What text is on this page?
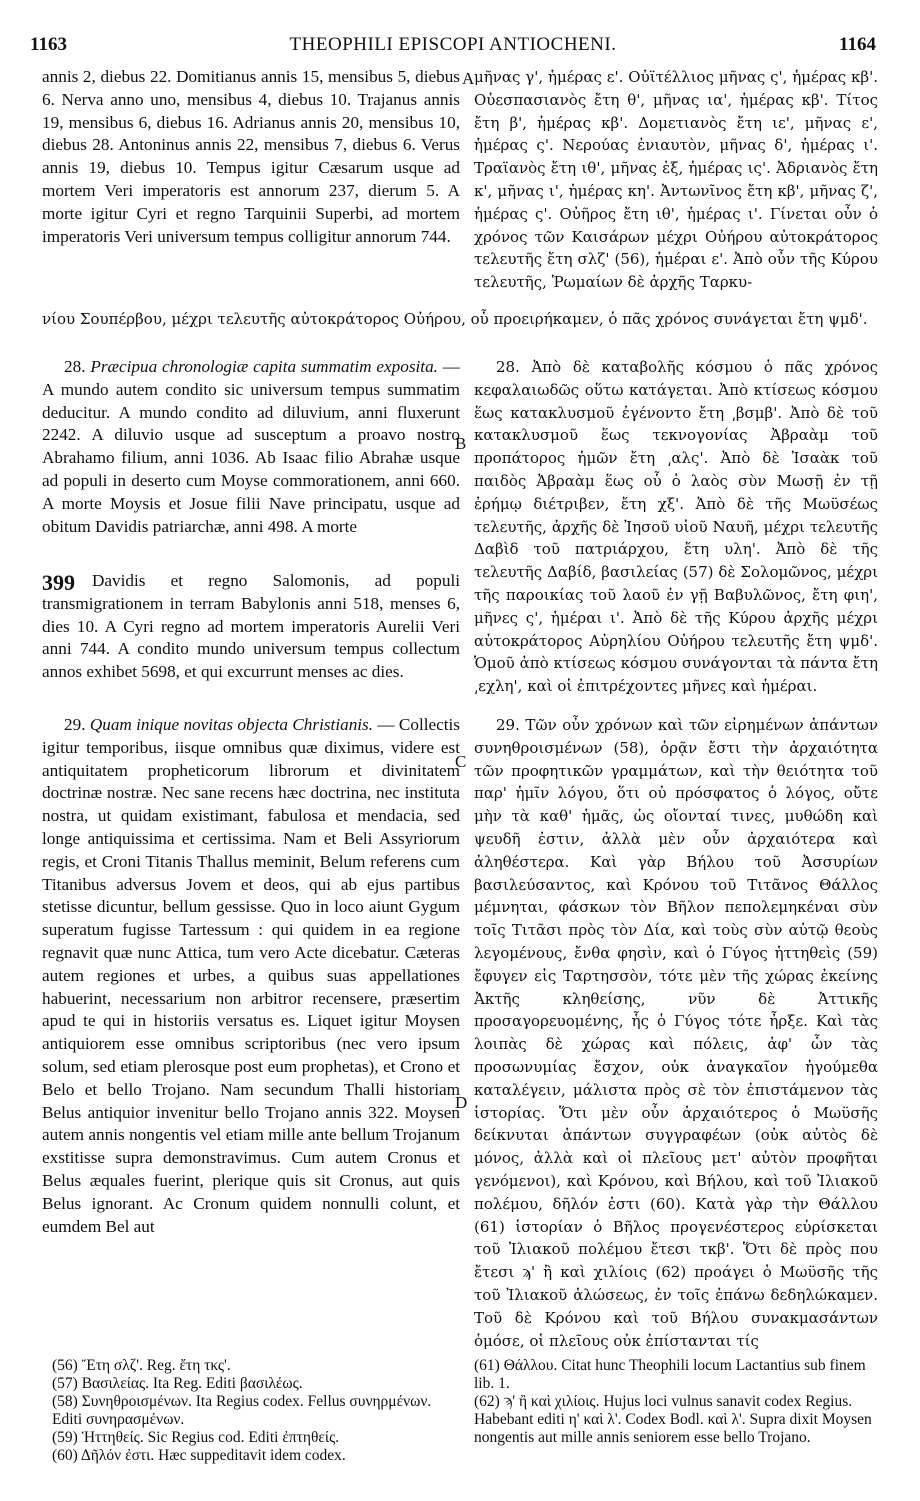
1163	THEOPHILI EPISCOPI ANTIOCHENI.	1164
A
B
C
D
399

annis 2, diebus 22. Domitianus annis 15, mensibus 5, diebus 6. Nerva anno uno, mensibus 4, diebus 10. Trajanus annis 19, mensibus 6, diebus 16. Adrianus annis 20, mensibus 10, diebus 28. Antoninus annis 22, mensibus 7, diebus 6. Verus annis 19, diebus 10. Tempus igitur Cæsarum usque ad mortem Veri imperatoris est annorum 237, dierum 5. A morte igitur Cyri et regno Tarquinii Superbi, ad mortem imperatoris Veri universum tempus colligitur annorum 744.

28. Præcipua chronologiæ capita summatim exposita. — A mundo autem condito sic universum tempus summatim deducitur. A mundo condito ad diluvium, anni fluxerunt 2242. A diluvio usque ad susceptum a proavo nostro Abrahamo filium, anni 1036. Ab Isaac filio Abrahæ usque ad populi in deserto cum Moyse commorationem, anni 660. A morte Moysis et Josue filii Nave principatu, usque ad obitum Davidis patriarchæ, anni 498. A morte

Davidis et regno Salomonis, ad populi transmigrationem in terram Babylonis anni 518, menses 6, dies 10. A Cyri regno ad mortem imperatoris Aurelii Veri anni 744. A condito mundo universum tempus collectum annos exhibet 5698, et qui excurrunt menses ac dies.

29. Quam inique novitas objecta Christianis. — Collectis igitur temporibus, iisque omnibus quæ diximus, videre est antiquitatem propheticorum librorum et divinitatem doctrinæ nostræ. Nec sane recens hæc doctrina, nec instituta nostra, ut quidam existimant, fabulosa et mendacia, sed longe antiquissima et certissima. Nam et Beli Assyriorum regis, et Croni Titanis Thallus meminit, Belum referens cum Titanibus adversus Jovem et deos, qui ab ejus partibus stetisse dicuntur, bellum gessisse. Quo in loco aiunt Gygum superatum fugisse Tartessum : qui quidem in ea regione regnavit quæ nunc Attica, tum vero Acte dicebatur. Cæteras autem regiones et urbes, a quibus suas appellationes habuerint, necessarium non arbitror recensere, præsertim apud te qui in historiis versatus es. Liquet igitur Moysen antiquiorem esse omnibus scriptoribus (nec vero ipsum solum, sed etiam plerosque post eum prophetas), et Crono et Belo et bello Trojano. Nam secundum Thalli historiam Belus antiquior invenitur bello Trojano annis 322. Moysen autem annis nongentis vel etiam mille ante bellum Trojanum exstitisse supra demonstravimus. Cum autem Cronus et Belus æquales fuerint, plerique quis sit Cronus, aut quis Belus ignorant. Ac Cronum quidem nonnulli colunt, et eumdem Bel aut

μῆνας γ', ἡμέρας ε'. Οὐϊτέλλιος μῆνας ς', ἡμέρας κβ'. Οὐεσπασιανὸς ἔτη θ', μῆνας ια', ἡμέρας κβ'. Τίτος ἔτη β', ἡμέρας κβ'. Δομετιανὸς ἔτη ιε', μῆνας ε', ἡμέρας ς'. Νερούας ἐνιαυτὸν, μῆνας δ', ἡμέρας ι'. Τραϊανὸς ἔτη ιθ', μῆνας ἑξ, ἡμέρας ις'. Ἀδριανὸς ἔτη κ', μῆνας ι', ἡμέρας κη'. Ἀντωνῖνος ἔτη κβ', μῆνας ζ', ἡμέρας ς'. Οὐῆρος ἔτη ιθ', ἡμέρας ι'. Γίνεται οὖν ὁ χρόνος τῶν Καισάρων μέχρι Οὐήρου αὐτοκράτορος τελευτῆς ἔτη σλζ' (56), ἡμέραι ε'. Ἀπὸ οὖν τῆς Κύρου τελευτῆς, Ῥωμαίων δὲ ἀρχῆς Ταρκυ-

νίου Σουπέρβου, μέχρι τελευτῆς αὐτοκράτορος Οὐήρου, οὗ προειρήκαμεν, ὁ πᾶς χρόνος συνάγεται ἔτη ψμδ'.

28. Ἀπὸ δὲ καταβολῆς κόσμου ὁ πᾶς χρόνος κεφαλαιωδῶς οὕτω κατάγεται. Ἀπὸ κτίσεως κόσμου ἕως κατακλυσμοῦ ἐγένοντο ἔτη ͵βσμβ'. Ἀπὸ δὲ τοῦ κατακλυσμοῦ ἕως τεκνογονίας Ἀβραὰμ τοῦ προπάτορος ἡμῶν ἔτη ͵αλς'. Ἀπὸ δὲ Ἰσαὰκ τοῦ παιδὸς Ἀβραὰμ ἕως οὗ ὁ λαὸς σὺν Μωσῇ ἐν τῇ ἐρήμῳ διέτριβεν, ἔτη χξ'. Ἀπὸ δὲ τῆς Μωϋσέως τελευτῆς, ἀρχῆς δὲ Ἰησοῦ υἱοῦ Ναυῆ, μέχρι τελευτῆς Δαβὶδ τοῦ πατριάρχου, ἔτη υλη'. Ἀπὸ δὲ τῆς τελευτῆς Δαβίδ, βασιλείας (57) δὲ Σολομῶνος, μέχρι τῆς παροικίας τοῦ λαοῦ ἐν γῇ Βαβυλῶνος, ἔτη φιη', μῆνες ς', ἡμέραι ι'. Ἀπὸ δὲ τῆς Κύρου ἀρχῆς μέχρι αὐτοκράτορος Αὐρηλίου Οὐήρου τελευτῆς ἔτη ψμδ'. Ὁμοῦ ἀπὸ κτίσεως κόσμου συνάγονται τὰ πάντα ἔτη ͵εχλη', καὶ οἱ ἐπιτρέχοντες μῆνες καὶ ἡμέραι.

29. Τῶν οὖν χρόνων καὶ τῶν εἰρημένων ἁπάντων συνηθροισμένων (58), ὁρᾷν ἔστι τὴν ἀρχαιότητα τῶν προφητικῶν γραμμάτων, καὶ τὴν θειότητα τοῦ παρ' ἡμῖν λόγου, ὅτι οὐ πρόσφατος ὁ λόγος, οὔτε μὴν τὰ καθ' ἡμᾶς, ὡς οἴονταί τινες, μυθώδη καὶ ψευδῆ ἐστιν, ἀλλὰ μὲν οὖν ἀρχαιότερα καὶ ἀληθέστερα. Καὶ γὰρ Βήλου τοῦ Ἀσσυρίων βασιλεύσαντος, καὶ Κρόνου τοῦ Τιτᾶνος Θάλλος μέμνηται, φάσκων τὸν Βῆλον πεπολεμηκέναι σὺν τοῖς Τιτᾶσι πρὸς τὸν Δία, καὶ τοὺς σὺν αὐτῷ θεοὺς λεγομένους, ἔνθα φησὶν, καὶ ὁ Γύγος ἡττηθεὶς (59) ἔφυγεν εἰς Ταρτησσὸν, τότε μὲν τῆς χώρας ἐκείνης Ἀκτῆς κληθείσης, νῦν δὲ Ἀττικῆς προσαγορευομένης, ἧς ὁ Γύγος τότε ἦρξε. Καὶ τὰς λοιπὰς δὲ χώρας καὶ πόλεις, ἀφ' ὧν τὰς προσωνυμίας ἔσχον, οὐκ ἀναγκαῖον ἡγούμεθα καταλέγειν, μάλιστα πρὸς σὲ τὸν ἐπιστάμενον τὰς ἱστορίας. Ὅτι μὲν οὖν ἀρχαιότερος ὁ Μωϋσῆς δείκνυται ἁπάντων συγγραφέων (οὐκ αὐτὸς δὲ μόνος, ἀλλὰ καὶ οἱ πλεῖους μετ' αὐτὸν προφῆται γενόμενοι), καὶ Κρόνου, καὶ Βήλου, καὶ τοῦ Ἰλιακοῦ πολέμου, δῆλόν ἐστι (60). Κατὰ γὰρ τὴν Θάλλου (61) ἱστορίαν ὁ Βῆλος προγενέστερος εὑρίσκεται τοῦ Ἰλιακοῦ πολέμου ἔτεσι τκβ'. Ὅτι δὲ πρὸς που ἔτεσι ϡ' ἢ καὶ χιλίοις (62) προάγει ὁ Μωϋσῆς τῆς τοῦ Ἰλιακοῦ ἁλώσεως, ἐν τοῖς ἐπάνω δεδηλώκαμεν. Τοῦ δὲ Κρόνου καὶ τοῦ Βήλου συνακμασάντων ὁμόσε, οἱ πλεῖους οὐκ ἐπίστανται τίς

(56) Ἔτη σλζ'. Reg. ἔτη τκς'.

(57) Βασιλείας. Ita Reg. Editi βασιλέως.

(58) Συνηθροισμένων. Ita Regius codex. Fellus συνηρμένων. Editi συνηρασμένων.

(59) Ἡττηθείς. Sic Regius cod. Editi ἐπτηθείς.

(60) Δῆλόν ἐστι. Hæc suppeditavit idem codex.

(61) Θάλλου. Citat hunc Theophili locum Lactantius sub finem lib. 1.

(62) ϡ' ἢ καὶ χιλίοις. Hujus loci vulnus sanavit codex Regius. Habebant editi η' καὶ λ'. Codex Bodl. καὶ λ'. Supra dixit Moysen nongentis aut mille annis seniorem esse bello Trojano.
